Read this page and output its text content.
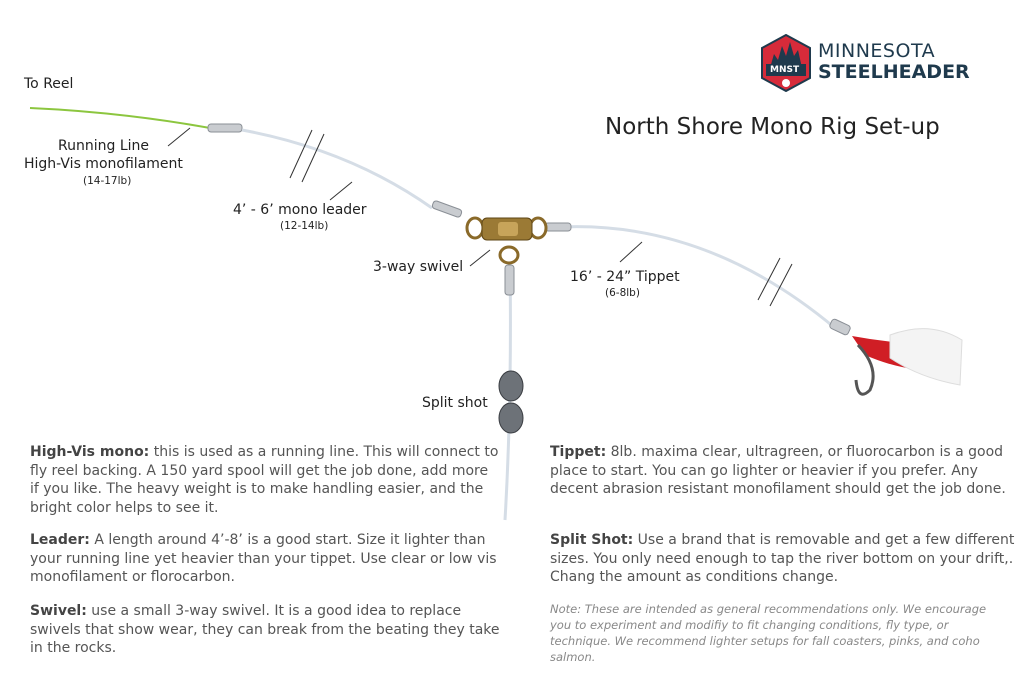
MNST
MINNESOTA
STEELHEADER
North Shore Mono Rig Set-up
To Reel
Running Line
High-Vis monofilament
(14-17lb)
4’ - 6’ mono leader
(12-14lb)
3-way swivel
16’ - 24” Tippet
(6-8lb)
Split shot
High-Vis mono: this is used as a running line. This will connect to fly reel backing. A 150 yard spool will get the job done, add more if you like. The heavy weight is to make handling easier, and the bright color helps to see it.
Leader: A length around 4’-8’ is a good start. Size it lighter than your running line yet heavier than your tippet. Use clear or low vis monofilament or florocarbon.
Swivel: use a small 3-way swivel. It is a good idea to replace swivels that show wear, they can break from the beating they take in the rocks.
Tippet: 8lb. maxima clear, ultragreen, or fluorocarbon is a good place to start. You can go lighter or heavier if you prefer. Any decent abrasion resistant monofilament should get the job done.
Split Shot: Use a brand that is removable and get a few different sizes. You only need enough to tap the river bottom on your drift,. Chang the amount as conditions change.
Note: These are intended as general recommendations only. We encourage you to experiment and modifiy to fit changing conditions, fly type, or technique. We recommend lighter setups for fall coasters, pinks, and coho salmon.
